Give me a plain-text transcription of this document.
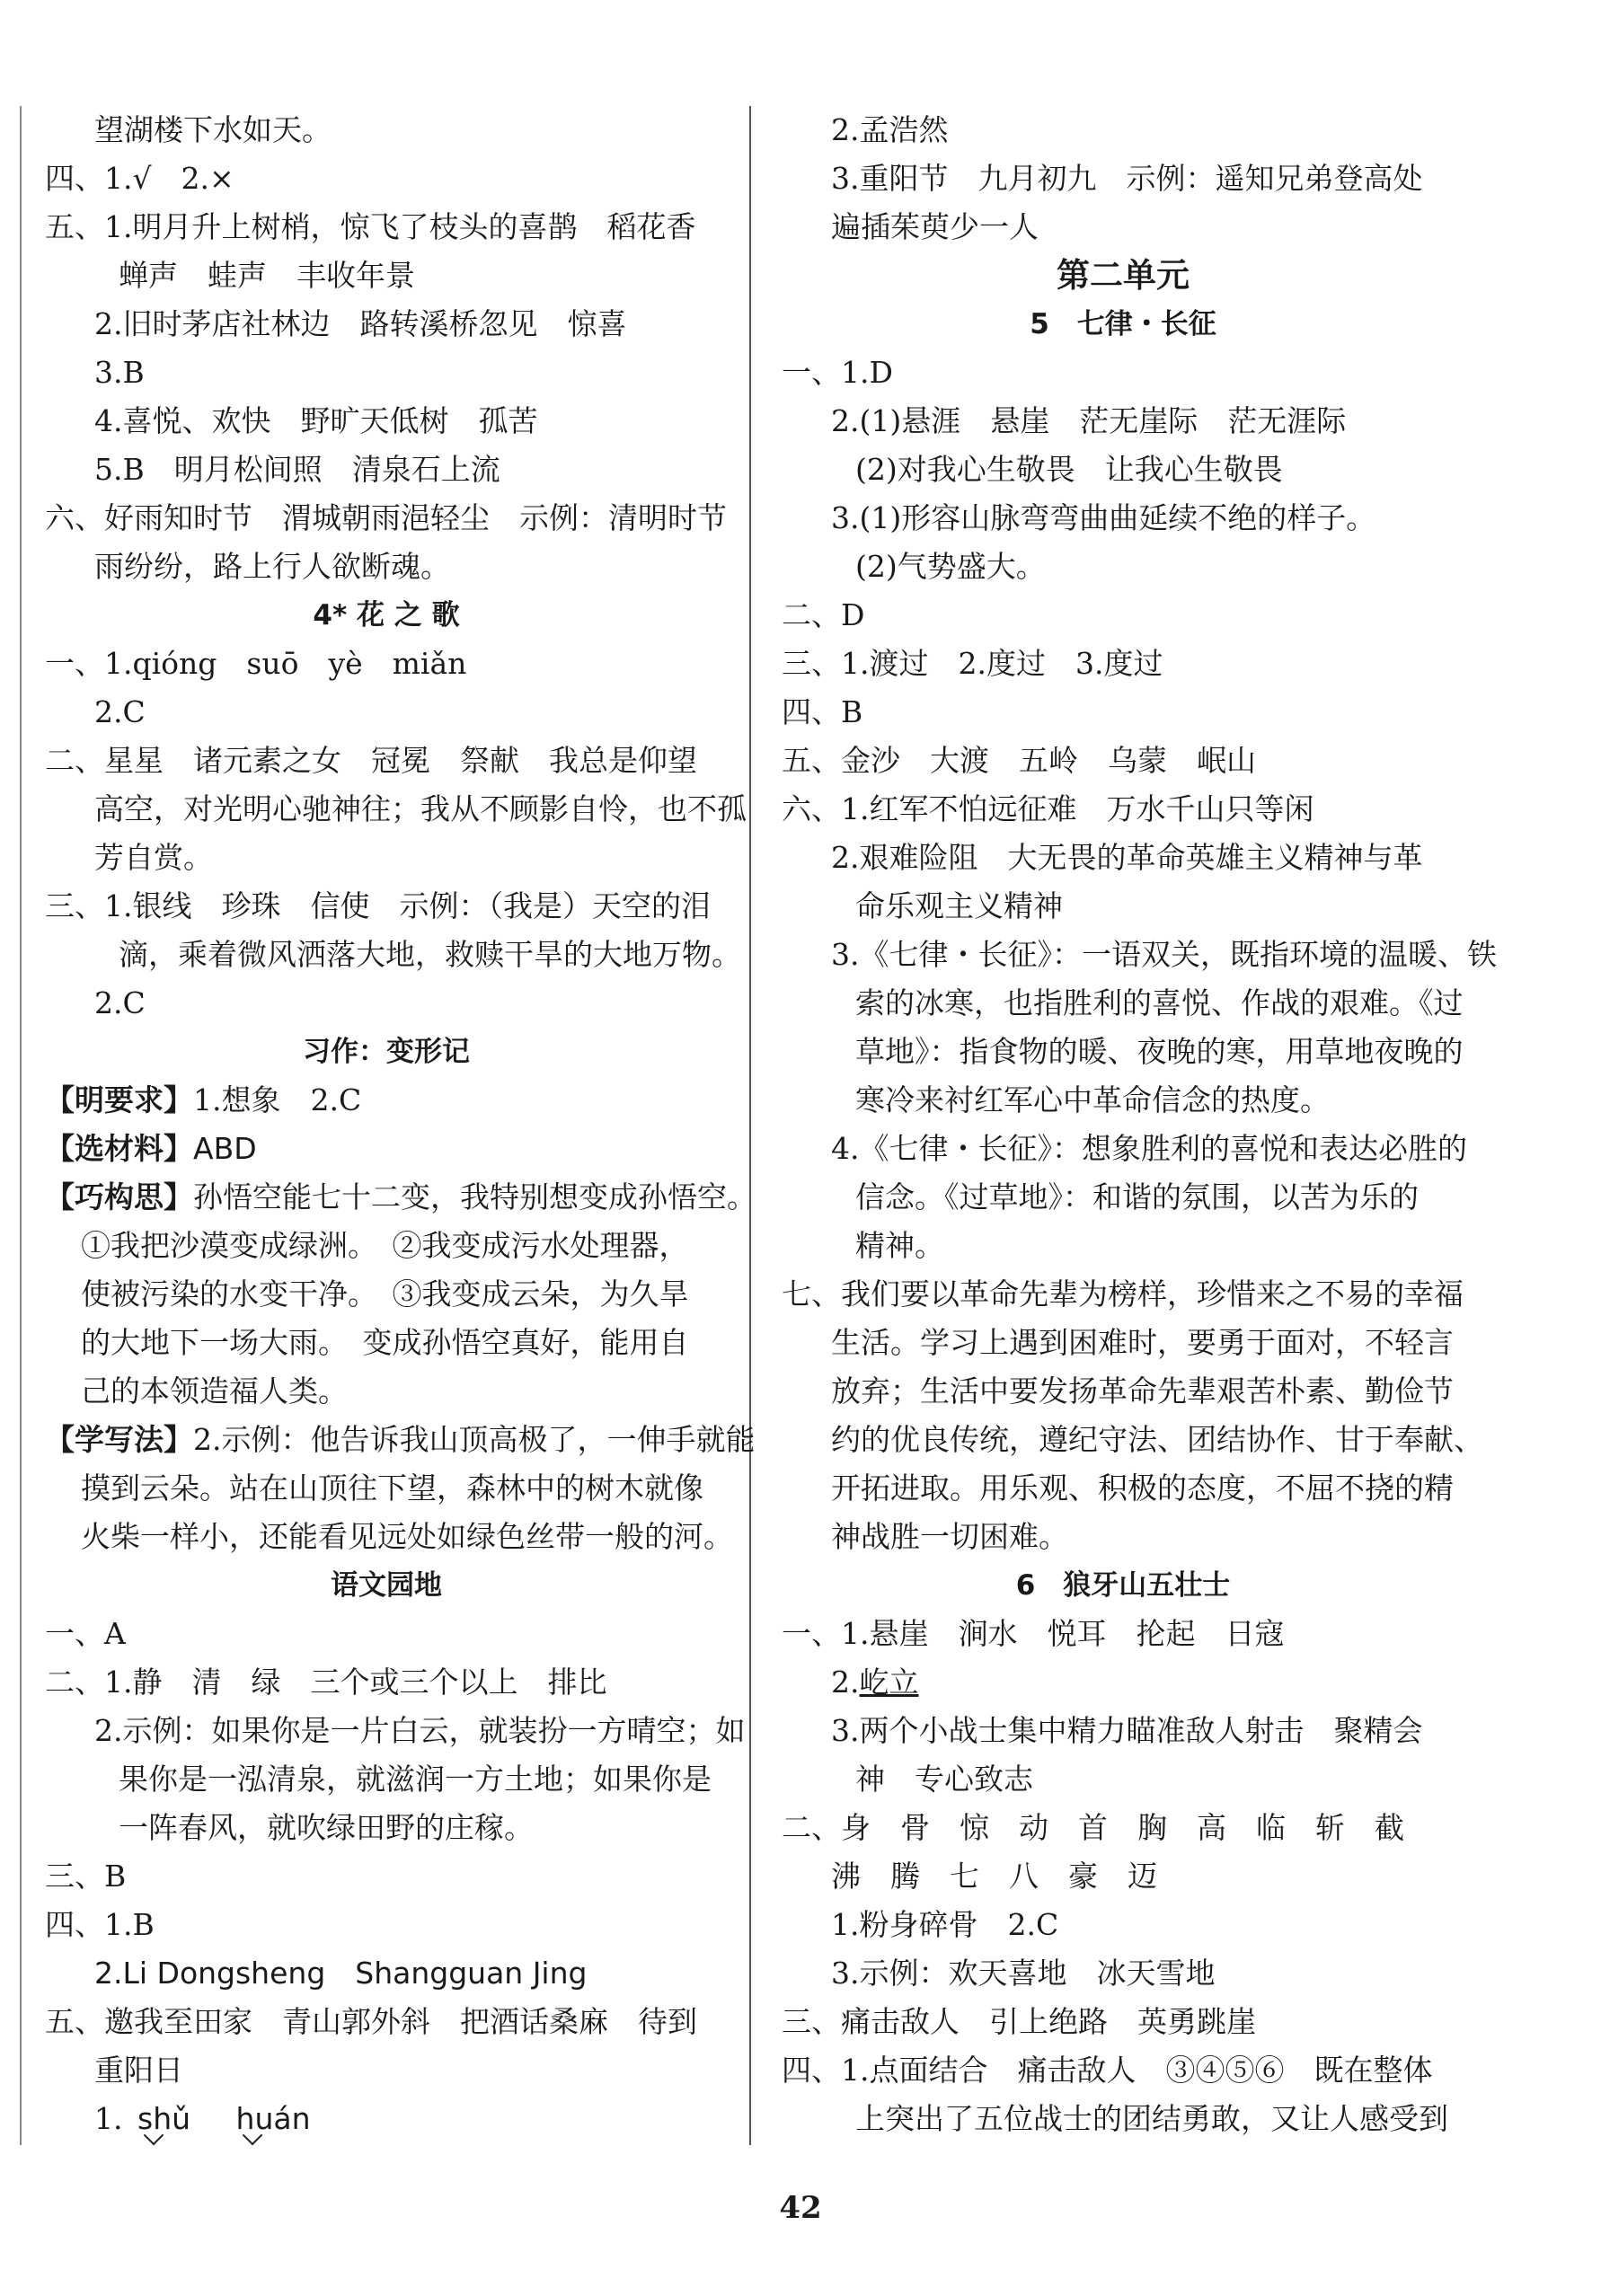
望湖楼下水如天。
四、1.√　2.×
五、1.明月升上树梢，惊飞了枝头的喜鹊　稻花香
蝉声　蛙声　丰收年景
2.旧时茅店社林边　路转溪桥忽见　惊喜
3.B
4.喜悦、欢快　野旷天低树　孤苦
5.B　明月松间照　清泉石上流
六、好雨知时节　渭城朝雨浥轻尘　示例：清明时节
雨纷纷，路上行人欲断魂。
4* 花 之 歌
一、1.qióng　suō　yè　miǎn
2.C
二、星星　诸元素之女　冠冕　祭献　我总是仰望
高空，对光明心驰神往；我从不顾影自怜，也不孤
芳自赏。
三、1.银线　珍珠　信使　示例：（我是）天空的泪
滴，乘着微风洒落大地，救赎干旱的大地万物。
2.C
习作：变形记
【明要求】1.想象　2.C
【选材料】ABD
【巧构思】孙悟空能七十二变，我特别想变成孙悟空。
①我把沙漠变成绿洲。　②我变成污水处理器，
使被污染的水变干净。　③我变成云朵，为久旱
的大地下一场大雨。　变成孙悟空真好，能用自
己的本领造福人类。
【学写法】2.示例：他告诉我山顶高极了，一伸手就能
摸到云朵。站在山顶往下望，森林中的树木就像
火柴一样小，还能看见远处如绿色丝带一般的河。
语文园地
一、A
二、1.静　清　绿　三个或三个以上　排比
2.示例：如果你是一片白云，就装扮一方晴空；如
果你是一泓清泉，就滋润一方土地；如果你是
一阵春风，就吹绿田野的庄稼。
三、B
四、1.B
2.Li Dongsheng　Shangguan Jing
五、邀我至田家　青山郭外斜　把酒话桑麻　待到
重阳日
1. shǔ huán
2.孟浩然
3.重阳节　九月初九　示例：遥知兄弟登高处
遍插茱萸少一人
第二单元
5　七律・长征
一、1.D
2.(1)悬涯　悬崖　茫无崖际　茫无涯际
(2)对我心生敬畏　让我心生敬畏
3.(1)形容山脉弯弯曲曲延续不绝的样子。
(2)气势盛大。
二、D
三、1.渡过　2.度过　3.度过
四、B
五、金沙　大渡　五岭　乌蒙　岷山
六、1.红军不怕远征难　万水千山只等闲
2.艰难险阻　大无畏的革命英雄主义精神与革
命乐观主义精神
3.《七律・长征》：一语双关，既指环境的温暖、铁
索的冰寒，也指胜利的喜悦、作战的艰难。《过
草地》：指食物的暖、夜晚的寒，用草地夜晚的
寒冷来衬红军心中革命信念的热度。
4.《七律・长征》：想象胜利的喜悦和表达必胜的
信念。《过草地》：和谐的氛围，以苦为乐的
精神。
七、我们要以革命先辈为榜样，珍惜来之不易的幸福
生活。学习上遇到困难时，要勇于面对，不轻言
放弃；生活中要发扬革命先辈艰苦朴素、勤俭节
约的优良传统，遵纪守法、团结协作、甘于奉献、
开拓进取。用乐观、积极的态度，不屈不挠的精
神战胜一切困难。
6　狼牙山五壮士
一、1.悬崖　涧水　悦耳　抡起　日寇
2.屹立
3.两个小战士集中精力瞄准敌人射击　聚精会
神　专心致志
二、身　骨　惊　动　首　胸　高　临　斩　截
沸　腾　七　八　豪　迈
1.粉身碎骨　2.C
3.示例：欢天喜地　冰天雪地
三、痛击敌人　引上绝路　英勇跳崖
四、1.点面结合　痛击敌人　③④⑤⑥　既在整体
上突出了五位战士的团结勇敢，又让人感受到
42
